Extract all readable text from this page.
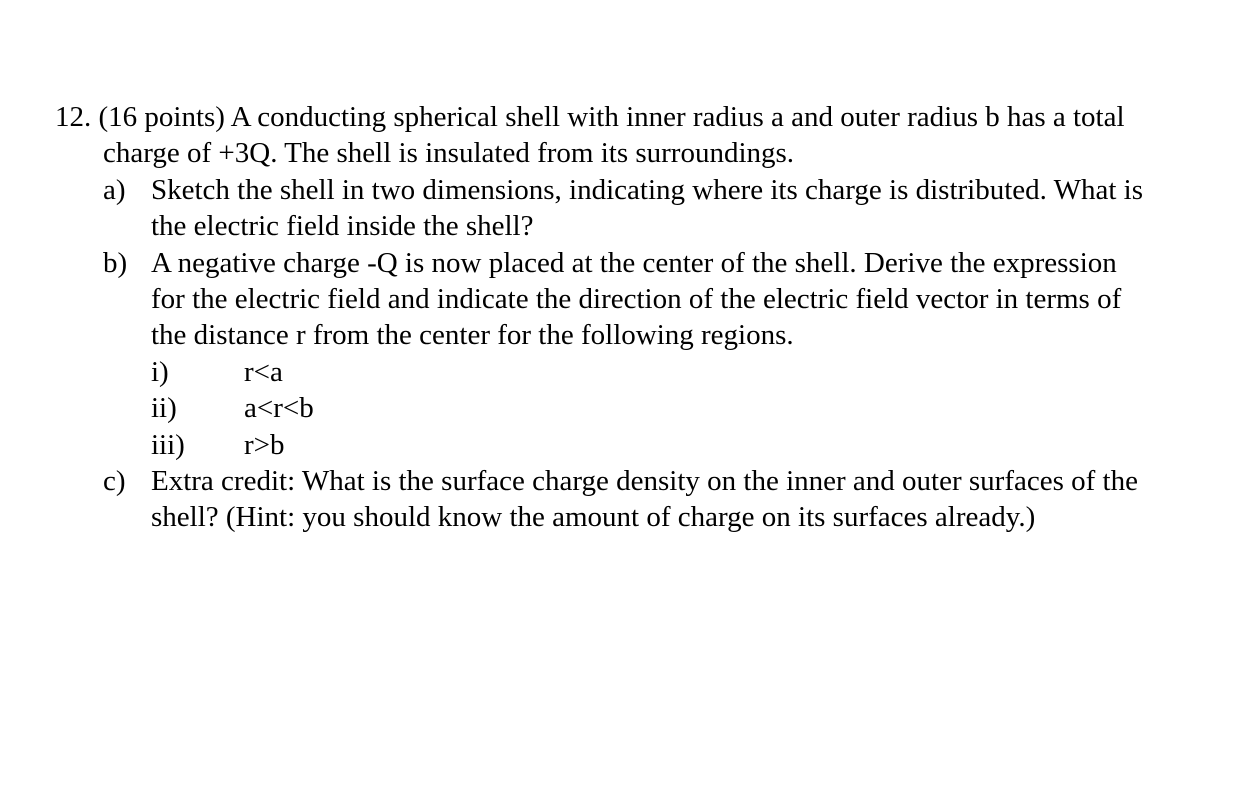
12. (16 points) A conducting spherical shell with inner radius a and outer radius b has a total
charge of +3Q. The shell is insulated from its surroundings.
a) Sketch the shell in two dimensions, indicating where its charge is distributed. What is
the electric field inside the shell?
b) A negative charge -Q is now placed at the center of the shell. Derive the expression
for the electric field and indicate the direction of the electric field vector in terms of
the distance r from the center for the following regions.
i)	r<a
ii) a<r<b
iii) r>b
c) Extra credit: What is the surface charge density on the inner and outer surfaces of the
shell? (Hint: you should know the amount of charge on its surfaces already.)
